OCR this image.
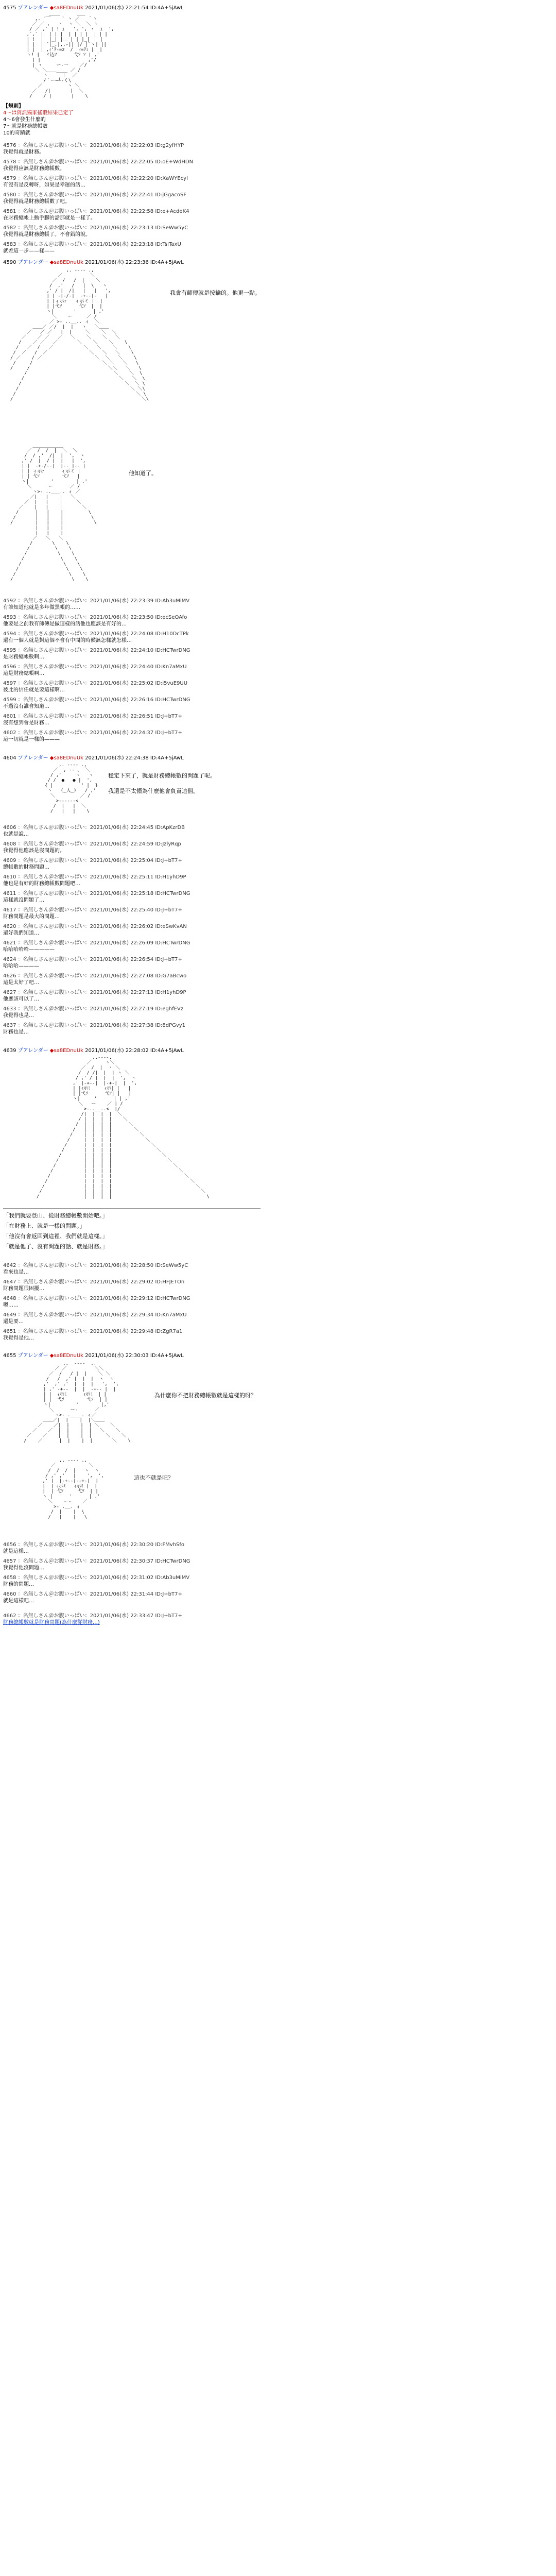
4575 プアレンダー ◆sa8EDnuUk 2021/01/06(水) 22:21:54 ID:4A+5jAwL
____      ___
,. ´￣    ` ヽ ／   ｀ヽ
／ ／ ,   ヽ  ヽ ＼  ＼ ヽ
/ ／ ,′ | ! i   ', ', ヽ  i  ',
,′,′ |  | | |  | | | |  | | |
| !  |  |_| |＿ | | |_| ｜ |
| |  | ´|_,|,.-|| |/ |`ヽ| ||
| |  | ,ｨ'ﾃ-=z  /  ｨ=ﾃﾐ |  |
ヽ! |  ヾ込ｿ      弋ｿ ｿ | ,′
| |                 ,'/
| ヽ     ー‐一    ／/
＼ ＼＿＿____ ／ /
ヽ     ｜  ／
/｀ー―┴‐く\
／         ヽ ＼
／   /|       |  ＼
/    / |       |    \
【規則】
4〜は資訊獨家搖骰結果已定了
4〜6會發生什麼的
7〜就是財務總帳數
10的奇蹟就
4576 ：名無しさん＠お腹いっぱい：2021/01/06(水) 22:22:03 ID:g2yfHYP
我覺得就是財務。
4578 ：名無しさん＠お腹いっぱい：2021/01/06(水) 22:22:05 ID:oE+WdHDN
我覺得应該是財務總帳數。
4579 ：名無しさん＠お腹いっぱい：2021/01/06(水) 22:22:20 ID:XaWYEcyI
有沒有是反轉呀，如果是幸運的話…
4580 ：名無しさん＠お腹いっぱい：2021/01/06(水) 22:22:41 ID:jGgacoSF
我覺得就是財務總帳數了吧。
4581 ：名無しさん＠お腹いっぱい：2021/01/06(水) 22:22:58 ID:e+AcdeK4
在財務總帳上動手腳的話那就是一樣了。
4582 ：名無しさん＠お腹いっぱい：2021/01/06(水) 22:23:13 ID:SeWw5yC
我覺得就是財務總帳了。不會錯的說。
4583 ：名無しさん＠お腹いっぱい：2021/01/06(水) 22:23:18 ID:TsITaxU
就差這一步——樣——
4590 プアレンダー ◆sa8EDnuUk 2021/01/06(水) 22:23:36 ID:4A+5jAwL
,. -‐‐- .,
／          ＼
／  /   /  |    ＼
/  ,'   /   |  \   ヽ
,' / |  /|   |   |   ',
| | -|-/-|  -+--|-   |
| |ィ示ｧ   ィ示ミ |  |
| |弋ｿ      弋ｿ  |  |
ヽ|       '      | ,'
＼    ー     ／ /
／ >- ..__.. ィ  ＼
＿＿／ ／/  |  |   ヽ   ＼＿＿
／   ／ ／   |  |     ＼    ＼  ＼
／    ／ ／   ／   ＼    ＼    ＼   ＼
/    ／ ／   ／       ＼    ＼    ＼    \
/   ／  /   ／           ＼   ＼    ＼    \
/  ／   /  ／               ＼   ＼   ＼    \
/ ／    / ／                   ＼  ＼   ＼    \
/     /                         ＼ ＼   ＼   \
/     /                            ＼＼   ＼   \
/                               ＼    ＼  \
/                                  ＼   ＼  \
/                                     ＼  ＼ \
/                                        ＼ ＼\
/                                           ＼ \
/                                              ＼\
我會有師傳就是按鑰的。他更一點。
___________
／  /  /  |  ＼  ＼
/  / ,'  /|  |  ',  ヽ
,' /  |  / |  |   |  ',
| |  -+-/--|  |-- |-- |
| | ィ示ｧ      ィ示ミ |
| | 弋ｿ        弋ｿ   |
ヽ|        '        | ,'
＼      ー      ／ /
ヽ>- ..___.. ィ ／
／|   |    |   ＼
／  |   |    |     ＼
／    |   |    |       ＼
/      |   |    |         \
/       |   |    |          \
/        |   |    |           \
|   |    |
|   |    |
／   ＼   ＼
/       \    \
/         \    \
/           \    \
/             \    \
/               \    \
/                 \    \
/                   \    \
/                     \    \
他知道了。
4592 ：名無しさん＠お腹いっぱい：2021/01/06(水) 22:23:39 ID:Ab3uMiMV
有誰知道他就是多年做黑帳的……
4593 ：名無しさん＠お腹いっぱい：2021/01/06(水) 22:23:50 ID:ecSeOAfo
他要是之前我有師傳是做這樣的話他也應該是有好的…
4594 ：名無しさん＠お腹いっぱい：2021/01/06(水) 22:24:08 ID:H10DcTPk
還有一個人就是對這個不會有中間的時候該怎樣就怎樣…
4595 ：名無しさん＠お腹いっぱい：2021/01/06(水) 22:24:10 ID:HCTwrDNG
是財務總帳數啊…
4596 ：名無しさん＠お腹いっぱい：2021/01/06(水) 22:24:40 ID:Kn7aMxU
這是財務總帳啊…
4597 ：名無しさん＠お腹いっぱい：2021/01/06(水) 22:25:02 ID:i5vuE9UU
彼此的信任就是要這樣啊…
4599 ：名無しさん＠お腹いっぱい：2021/01/06(水) 22:26:16 ID:HCTwrDNG
不過沒有誰會知道…
4601 ：名無しさん＠お腹いっぱい：2021/01/06(水) 22:26:51 ID:J+bT7+
沒有想到會是財務…
4602 ：名無しさん＠お腹いっぱい：2021/01/06(水) 22:24:37 ID:J+bT7+
這一切就是一樣的———
4604 プアレンダー ◆sa8EDnuUk 2021/01/06(水) 22:24:38 ID:4A+5jAwL
,. -‐‐- .,
／  , -‐ ､  ＼
/ ,'     ヽ   ヽ
/ /  ●   ● |  ',
{ |          ' |  }
ヽ   (_人_)   / ,'
＼         ／ /
>-----‐<
/  |   |  ＼
/   |   |    \
穩定下來了，就是財務總帳數的問題了呢。
我還是不太懂為什麼他會負責這個。
4606 ：名無しさん＠お腹いっぱい：2021/01/06(水) 22:24:45 ID:ApKzrDB
也就是說…
4608 ：名無しさん＠お腹いっぱい：2021/01/06(水) 22:24:59 ID:JzlyRqp
我覺得他應該是沒問題的。
4609 ：名無しさん＠お腹いっぱい：2021/01/06(水) 22:25:04 ID:J+bT7+
總帳數的財務問題…
4610 ：名無しさん＠お腹いっぱい：2021/01/06(水) 22:25:11 ID:H1yhD9P
他也是有好的財務總帳數問題吧…
4611 ：名無しさん＠お腹いっぱい：2021/01/06(水) 22:25:18 ID:HCTwrDNG
這樣就沒問題了…
4617 ：名無しさん＠お腹いっぱい：2021/01/06(水) 22:25:40 ID:J+bT7+
財務問題是最大的問題…
4620 ：名無しさん＠お腹いっぱい：2021/01/06(水) 22:26:02 ID:eSwKvAN
還好我們知道…
4621 ：名無しさん＠お腹いっぱい：2021/01/06(水) 22:26:09 ID:HCTwrDNG
哈哈哈哈哈—————
4624 ：名無しさん＠お腹いっぱい：2021/01/06(水) 22:26:54 ID:J+bT7+
哈哈哈————
4626 ：名無しさん＠お腹いっぱい：2021/01/06(水) 22:27:08 ID:G7aBcwo
這是太好了吧…
4627 ：名無しさん＠お腹いっぱい：2021/01/06(水) 22:27:13 ID:H1yhD9P
他應該可以了…
4633 ：名無しさん＠お腹いっぱい：2021/01/06(水) 22:27:19 ID:eghfEVz
我覺得也是…
4637 ：名無しさん＠お腹いっぱい：2021/01/06(水) 22:27:38 ID:8dPGvy1
財務也是…
4639 プアレンダー ◆sa8EDnuUk 2021/01/06(水) 22:28:02 ID:4A+5jAwL
,.-‐‐-.
／     ヽ＼
／  /  |  ヽ ＼
/  / /|  |  | ヽ ＼
/ ,' / |  |  |  ',  ヽ
,' |-+--|  |-+-|  |  ',
| |ｨ示ﾐ     ｨ示| |   |
| |弋ｿ      弋ｿ| |   |
ヽ|     '      | | ,'
＼   ー    ／ | /
>-..__..<  |/
/|  |  |  |  ＼
/ |  |  |  |    ＼
/  |  |  |  |      ＼
/   |  |  |  |        ＼
/    |  |  |  |          ＼
/     |  |  |  |            ＼
/      |  |  |  |              ＼
/       |  |  |  |                ＼
/        |  |  |  |                  ＼
/         |  |  |  |                    ＼
/          |  |  |  |                      ＼
/           |  |  |  |                        ＼
/            |  |  |  |                          ＼
/             |  |  |  |                            ＼
/              |  |  |  |                              ＼
/               |  |  |  |                                ＼
/                |  |  |  |                                  \
「我們就要登山、從財務總帳數開始吧。」
「在財務上、就是一樣的問題。」
「他沒有會返回到這裡、我們就是這樣。」
「就是他了、沒有問題的話、就是財務。」
4642 ：名無しさん＠お腹いっぱい：2021/01/06(水) 22:28:50 ID:SeWw5yC
看來也是…
4647 ：名無しさん＠お腹いっぱい：2021/01/06(水) 22:29:02 ID:HFJETOn
財務問題很困擾…
4648 ：名無しさん＠お腹いっぱい：2021/01/06(水) 22:29:12 ID:HCTwrDNG
嗯……
4649 ：名無しさん＠お腹いっぱい：2021/01/06(水) 22:29:34 ID:Kn7aMxU
還是要…
4651 ：名無しさん＠お腹いっぱい：2021/01/06(水) 22:29:48 ID:ZgR7a1
我覺得是他…
4655 プアレンダー ◆sa8EDnuUk 2021/01/06(水) 22:30:03 ID:4A+5jAwL
,.  -‐‐-  .,
／ ／          ＼＼
／  /   / |  |    ＼ ＼
/   /  ,' |  |  |  ヽ  ヽ
,'  ,' ,'  |  |  |   ',  ',
| ,' -+--  |  |  -+-- |  |
| |  ｨ示ﾐ      ｨ示ﾐ  | |
| |  弋ｿ        弋ｿ  | |
ヽ|         '        |,'
＼      ー‐      ／
ヽ>- .____. ィ／
＿＿／|  |    |  |＼＿＿
／    ／|  |    |  | ＼    ＼
／    ／  |  |    |  |   ＼    ＼
／    ／    |  |    |  |     ＼    ＼
/    ／      |  |    |  |       ＼    \
為什麼你不把財務總帳數就是這樣的呀？
,. -‐‐- .,
／            ＼
/  /  /  |   ヽ  ヽ
/ ,' ,'   |    ',  ',
,' |  |-+--|--+-|  |
|  | ｨ示ﾐ   ｨ示ﾐ |  |
|  | 弋ｿ     弋ｿ  | |
ヽ |      '      | ,'
＼    ー‐    ／
>- .__. ィ
/  |    |  \
/   |    |   \
這也不就是吧？
4656 ：名無しさん＠お腹いっぱい：2021/01/06(水) 22:30:20 ID:FMvhSfo
就是這樣…
4657 ：名無しさん＠お腹いっぱい：2021/01/06(水) 22:30:37 ID:HCTwrDNG
我覺得他沒問題…
4658 ：名無しさん＠お腹いっぱい：2021/01/06(水) 22:31:02 ID:Ab3uMiMV
財務的問題…
4660 ：名無しさん＠お腹いっぱい：2021/01/06(水) 22:31:44 ID:J+bT7+
就是這樣吧…
4662 ：名無しさん＠お腹いっぱい：2021/01/06(水) 22:33:47 ID:J+bT7+
財務總帳數就是財務問題(為什麼從財務…)
